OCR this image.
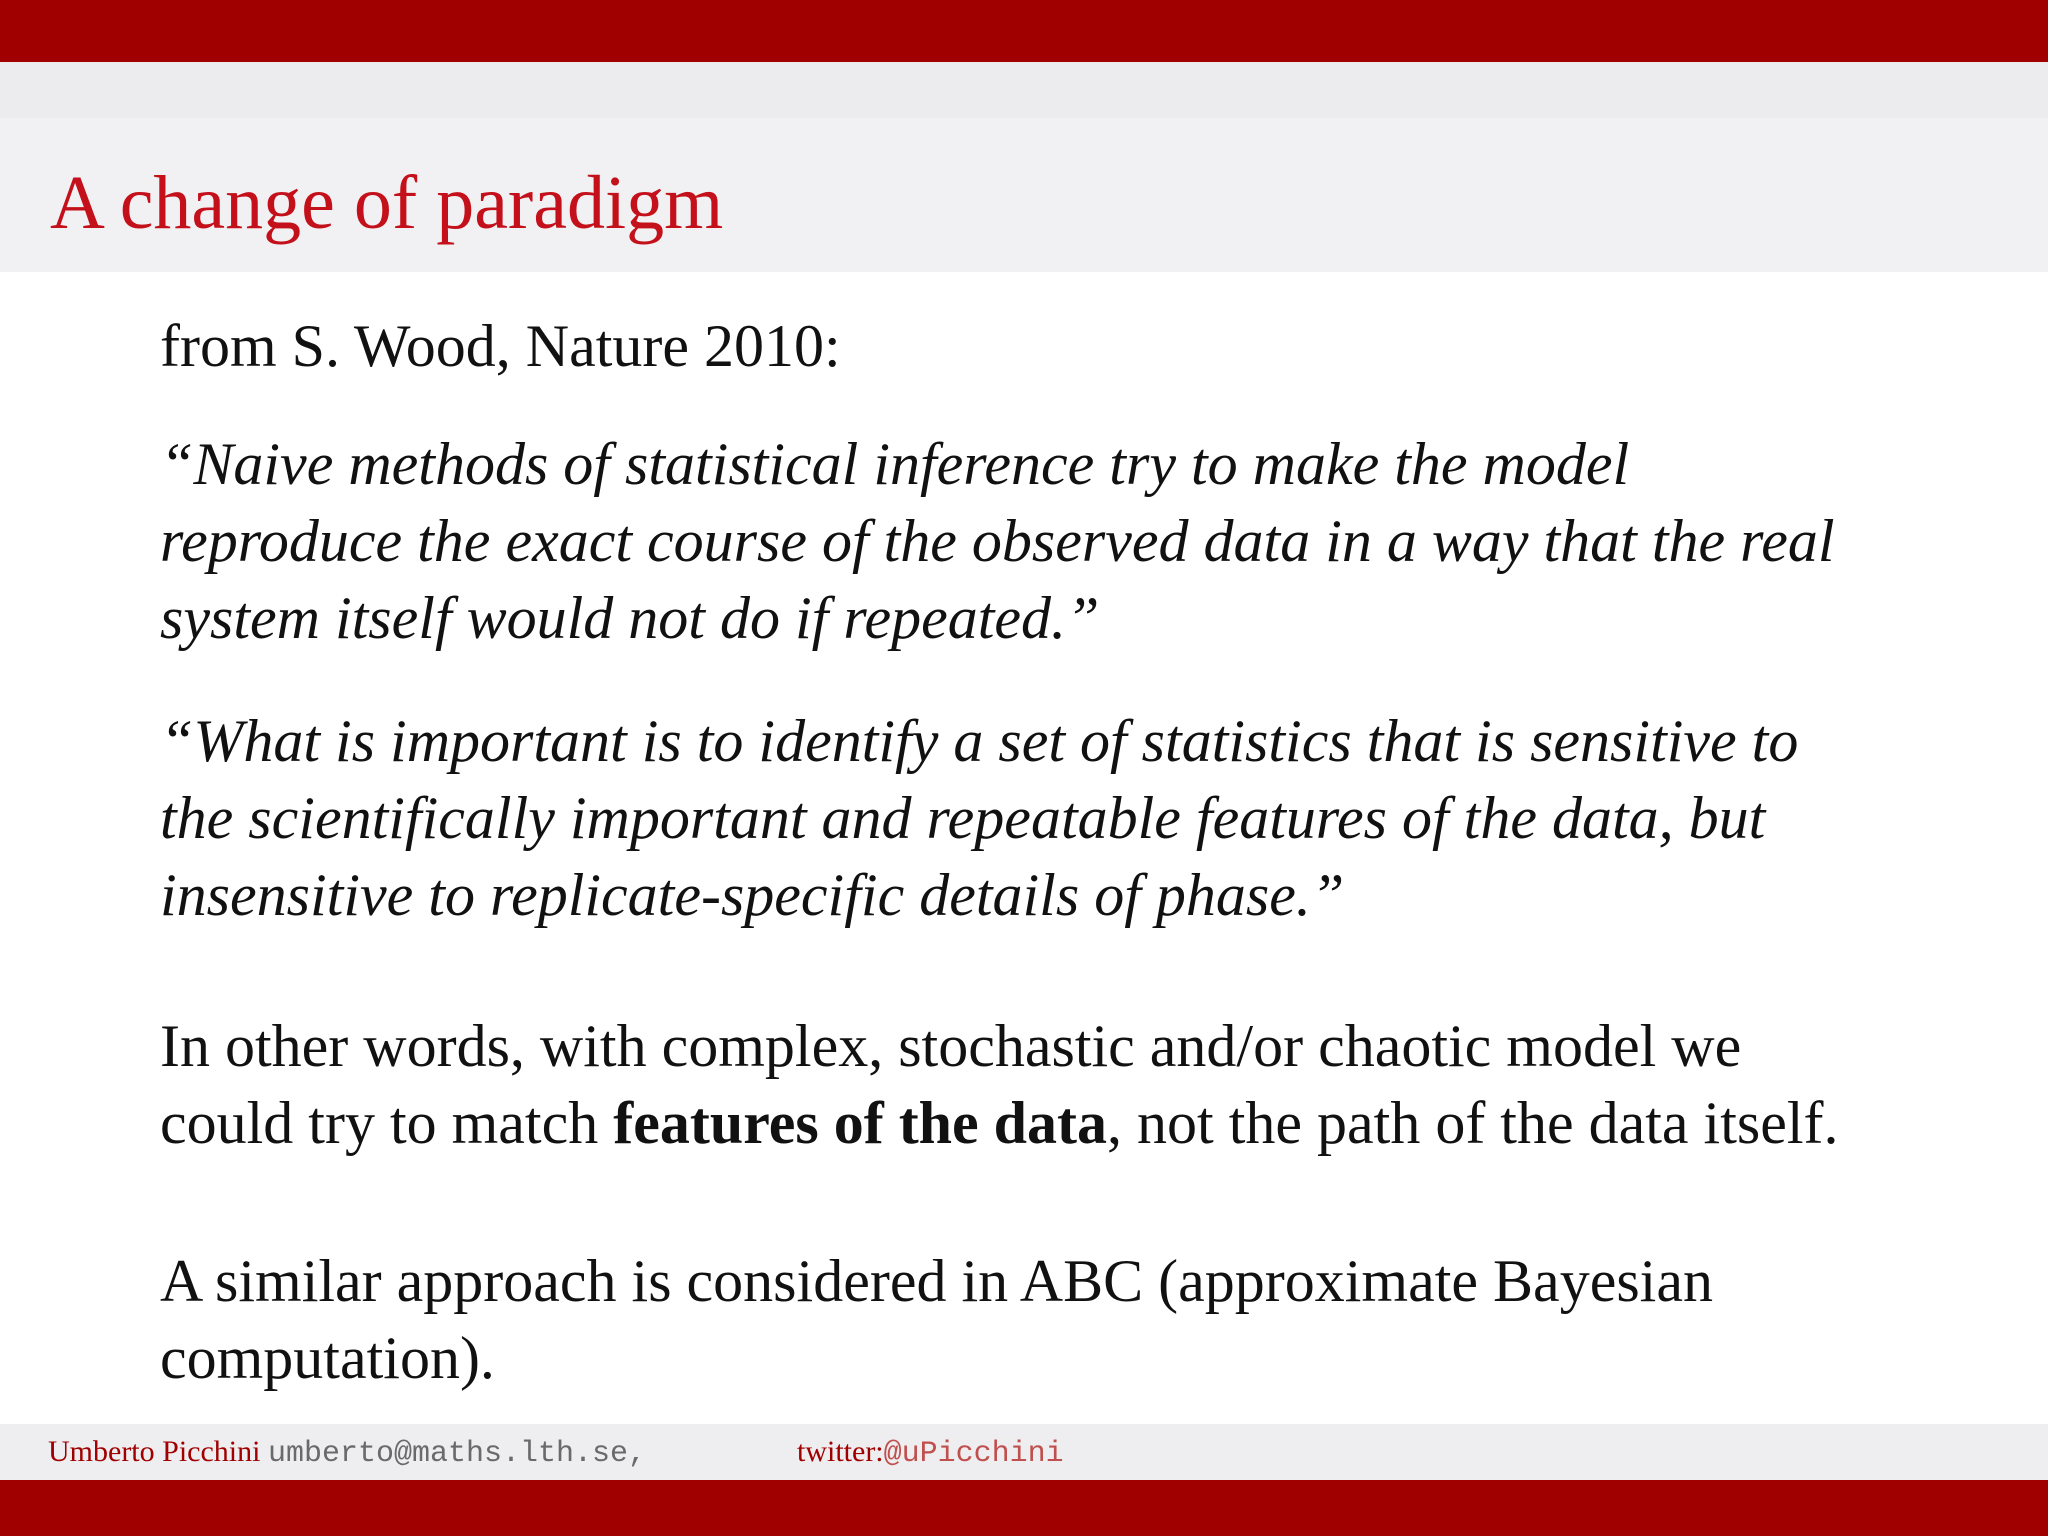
A change of paradigm

from S. Wood, Nature 2010:

“Naive methods of statistical inference try to make the model
reproduce the exact course of the observed data in a way that the real
system itself would not do if repeated.”

“What is important is to identify a set of statistics that is sensitive to
the scientifically important and repeatable features of the data, but
insensitive to replicate-specific details of phase.”

In other words, with complex, stochastic and/or chaotic model we
could try to match features of the data, not the path of the data itself.

A similar approach is considered in ABC (approximate Bayesian
computation).

Umberto Picchini umberto@maths.lth.se,	twitter:@uPicchini
